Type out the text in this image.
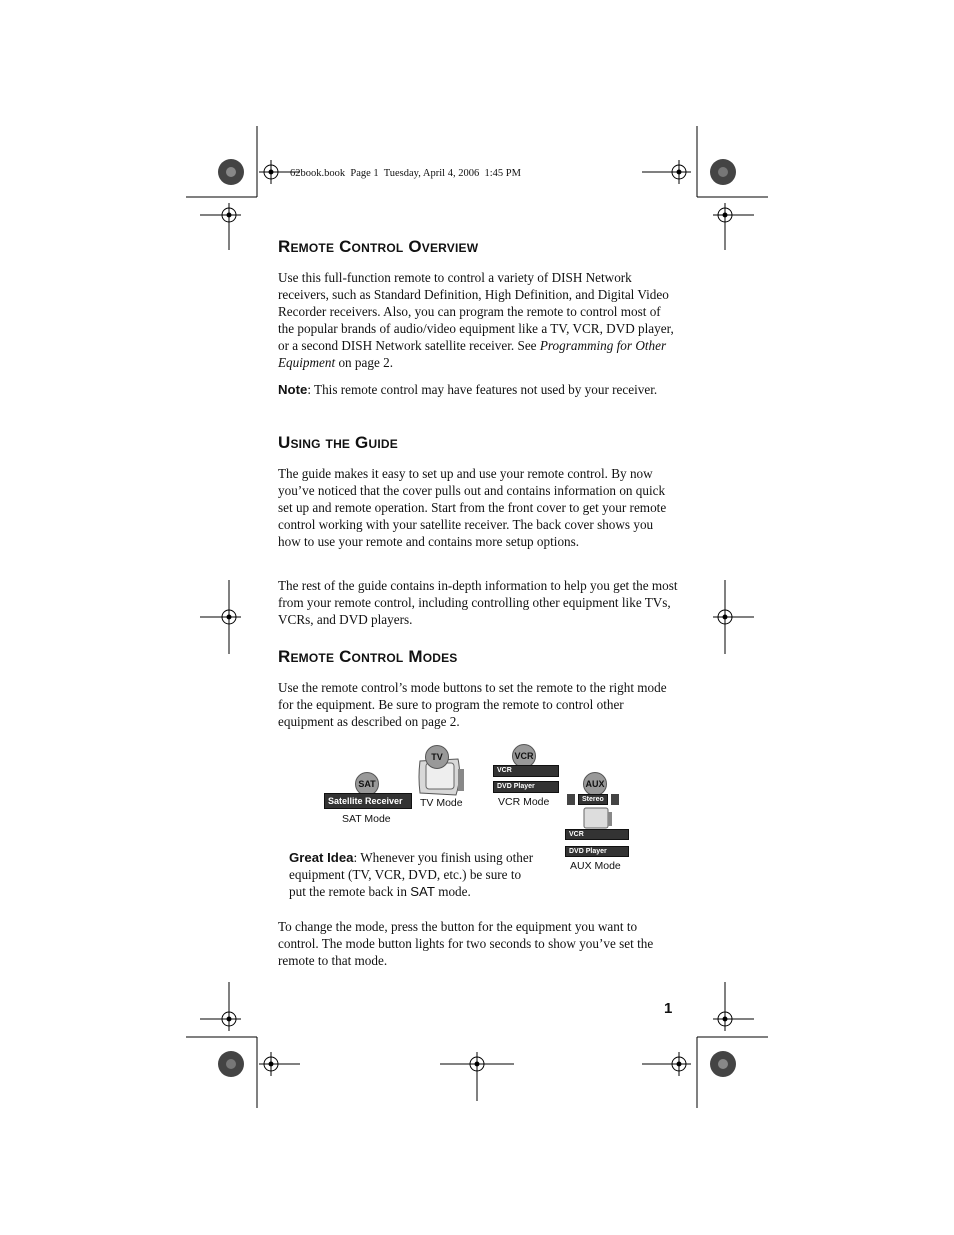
62book.book  Page 1  Tuesday, April 4, 2006  1:45 PM
Remote Control Overview
Use this full-function remote to control a variety of DISH Network receivers, such as Standard Definition, High Definition, and Digital Video Recorder receivers. Also, you can program the remote to control most of the popular brands of audio/video equipment like a TV, VCR, DVD player, or a second DISH Network satellite receiver. See Programming for Other Equipment on page 2.
Note: This remote control may have features not used by your receiver.
Using the Guide
The guide makes it easy to set up and use your remote control. By now you’ve noticed that the cover pulls out and contains information on quick set up and remote operation. Start from the front cover to get your remote control working with your satellite receiver. The back cover shows you how to use your remote and contains more setup options.
The rest of the guide contains in-depth information to help you get the most from your remote control, including controlling other equipment like TVs, VCRs, and DVD players.
Remote Control Modes
Use the remote control’s mode buttons to set the remote to the right mode for the equipment. Be sure to program the remote to control other equipment as described on page 2.
SAT
Satellite Receiver
SAT Mode
TV
TV Mode
VCR
VCR
DVD Player
VCR Mode
AUX
Stereo
VCR
DVD Player
AUX Mode
Great Idea: Whenever you finish using other equipment (TV, VCR, DVD, etc.) be sure to put the remote back in SAT mode.
To change the mode, press the button for the equipment you want to control. The mode button lights for two seconds to show you’ve set the remote to that mode.
1
